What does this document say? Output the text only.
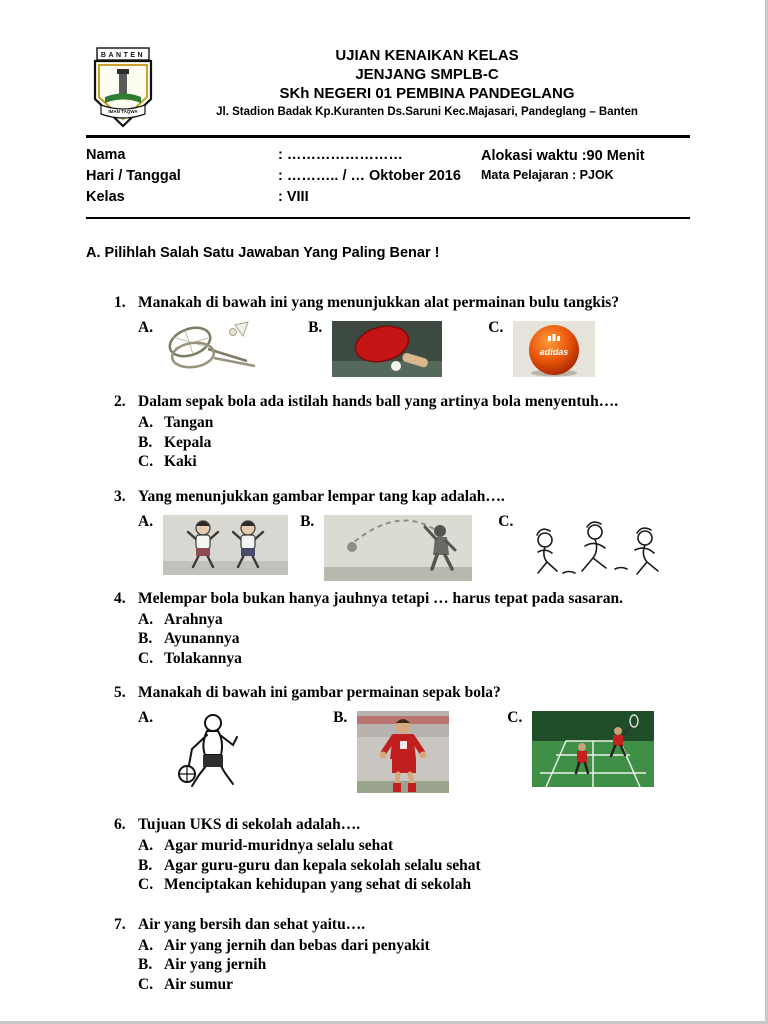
BANTEN
IMAN TAQWA
UJIAN KENAIKAN KELAS
JENJANG SMPLB-C
SKh NEGERI 01 PEMBINA PANDEGLANG
Jl. Stadion Badak Kp.Kuranten Ds.Saruni Kec.Majasari, Pandeglang – Banten
Nama	: ……………………
Hari / Tanggal	: ……….. / … Oktober 2016
Kelas	: VIII
Alokasi waktu :90 Menit
Mata Pelajaran : PJOK
A. Pilihlah Salah Satu Jawaban Yang Paling Benar !
1. Manakah di bawah ini yang menunjukkan alat permainan bulu tangkis?
A.	B.	C.
adidas
2. Dalam sepak bola ada istilah hands ball yang artinya bola menyentuh….
A. Tangan
B. Kepala
C. Kaki
3. Yang menunjukkan gambar lempar tang kap adalah….
A.	B.	C.
4. Melempar bola bukan hanya jauhnya tetapi … harus tepat pada sasaran.
A. Arahnya
B. Ayunannya
C. Tolakannya
5. Manakah di bawah ini gambar permainan sepak bola?
A.	B.	C.
6. Tujuan UKS di sekolah adalah….
A. Agar murid-muridnya selalu sehat
B. Agar guru-guru dan kepala sekolah selalu sehat
C. Menciptakan kehidupan yang sehat di sekolah
7. Air yang bersih dan sehat yaitu….
A. Air yang jernih dan bebas dari penyakit
B. Air yang jernih
C. Air sumur
